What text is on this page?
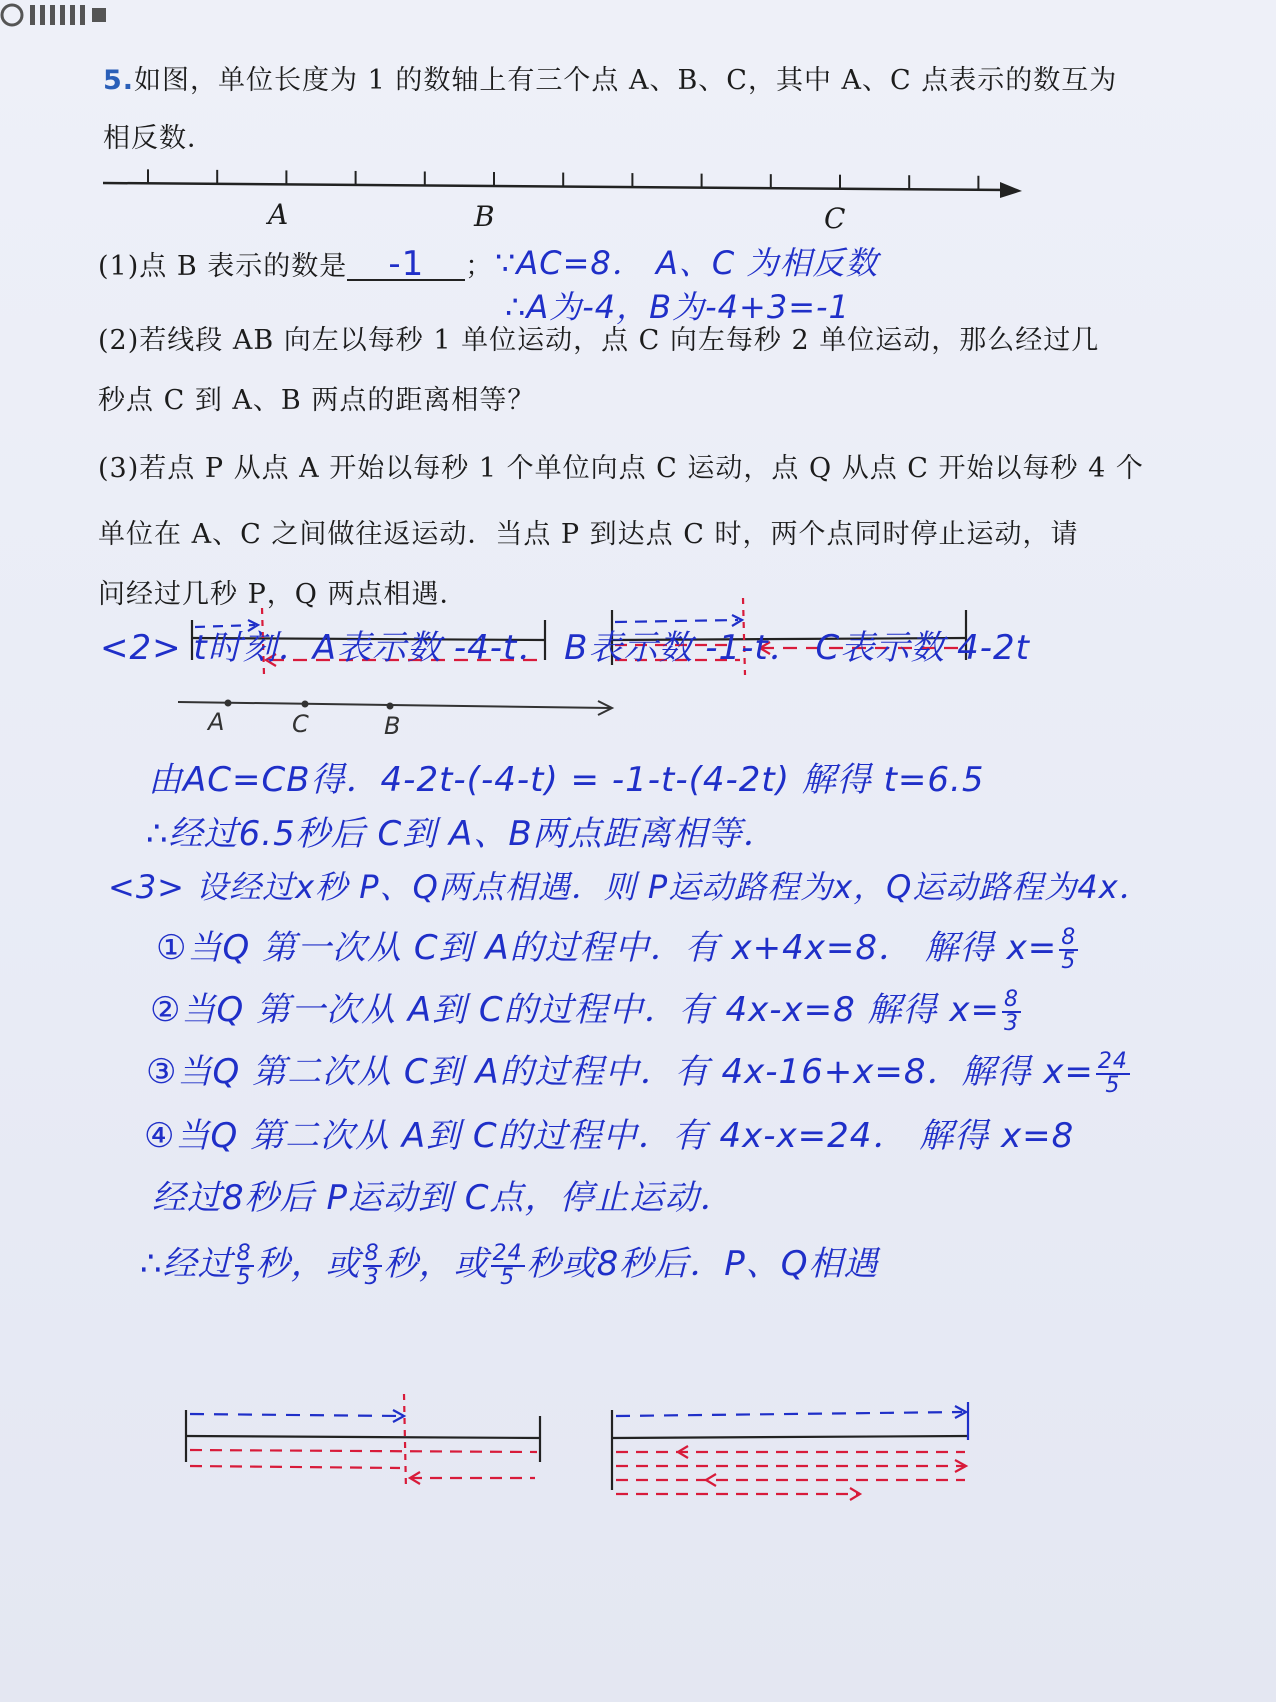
5.如图，单位长度为 1 的数轴上有三个点 A、B、C，其中 A、C 点表示的数互为
相反数．
A	B	C
(1)点 B 表示的数是 -1 ； ∵AC=8． A、C 为相反数
∴A为-4，B为-4+3=-1
(2)若线段 AB 向左以每秒 1 单位运动，点 C 向左每秒 2 单位运动，那么经过几
秒点 C 到 A、B 两点的距离相等？
(3)若点 P 从点 A 开始以每秒 1 个单位向点 C 运动，点 Q 从点 C 开始以每秒 4 个
单位在 A、C 之间做往返运动．当点 P 到达点 C 时，两个点同时停止运动，请
问经过几秒 P，Q 两点相遇．
<2> t时刻．A表示数 -4-t． B表示数 -1-t． C表示数 4-2t
A	C	B
由AC=CB得．4-2t-(-4-t) = -1-t-(4-2t) 解得 t=6.5
∴经过6.5秒后 C到 A、B两点距离相等．
<3> 设经过x秒 P、Q两点相遇．则 P运动路程为x，Q运动路程为4x．
①当Q 第一次从 C到 A的过程中．有 x+4x=8． 解得 $x= \frac{8}{5}$
②当Q 第一次从 A到 C的过程中．有 4x-x=8 解得 $x= \frac{8}{3}$
③当Q 第二次从 C到 A的过程中．有 4x-16+x=8．解得 $x= \frac{24}{5}$
④当Q 第二次从 A到 C的过程中．有 4x-x=24． 解得 x=8
经过8秒后 P运动到 C点，停止运动．
∴经过 $\frac{8}{5}$ 秒，或 $\frac{8}{3}$ 秒，或 $\frac{24}{5}$ 秒或8秒后．P、Q相遇
